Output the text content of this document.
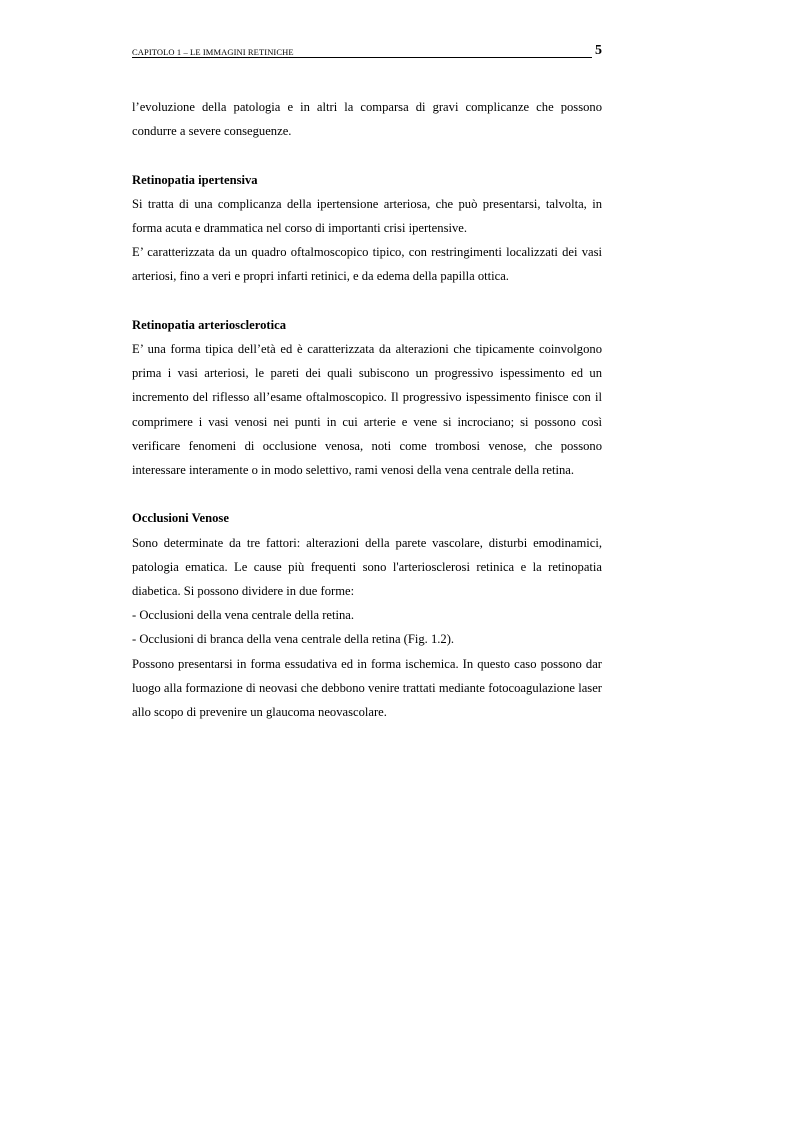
CAPITOLO 1 – LE IMMAGINI RETINICHE	5

l’evoluzione della patologia e in altri la comparsa di gravi complicanze che possono condurre a severe conseguenze.

Retinopatia ipertensiva

Si tratta di una complicanza della ipertensione arteriosa, che può presentarsi, talvolta, in forma acuta e drammatica nel corso di importanti crisi ipertensive.

E’ caratterizzata da un quadro oftalmoscopico tipico, con restringimenti localizzati dei vasi arteriosi, fino a veri e propri infarti retinici, e da edema della papilla ottica.

Retinopatia arteriosclerotica

E’ una forma tipica dell’età ed è caratterizzata da alterazioni che tipicamente coinvolgono prima i vasi arteriosi, le pareti dei quali subiscono un progressivo ispessimento ed un incremento del riflesso all’esame oftalmoscopico. Il progressivo ispessimento finisce con il comprimere i vasi venosi nei punti in cui arterie e vene si incrociano; si possono così verificare fenomeni di occlusione venosa, noti come trombosi venose, che possono interessare interamente o in modo selettivo, rami venosi della vena centrale della retina.

Occlusioni Venose

Sono determinate da tre fattori: alterazioni della parete vascolare, disturbi emodinamici, patologia ematica. Le cause più frequenti sono l'arteriosclerosi retinica e la retinopatia diabetica. Si possono dividere in due forme:

- Occlusioni della vena centrale della retina.

- Occlusioni di branca della vena centrale della retina (Fig. 1.2).

Possono presentarsi in forma essudativa ed in forma ischemica. In questo caso possono dar luogo alla formazione di neovasi che debbono venire trattati mediante fotocoagulazione laser allo scopo di prevenire un glaucoma neovascolare.
